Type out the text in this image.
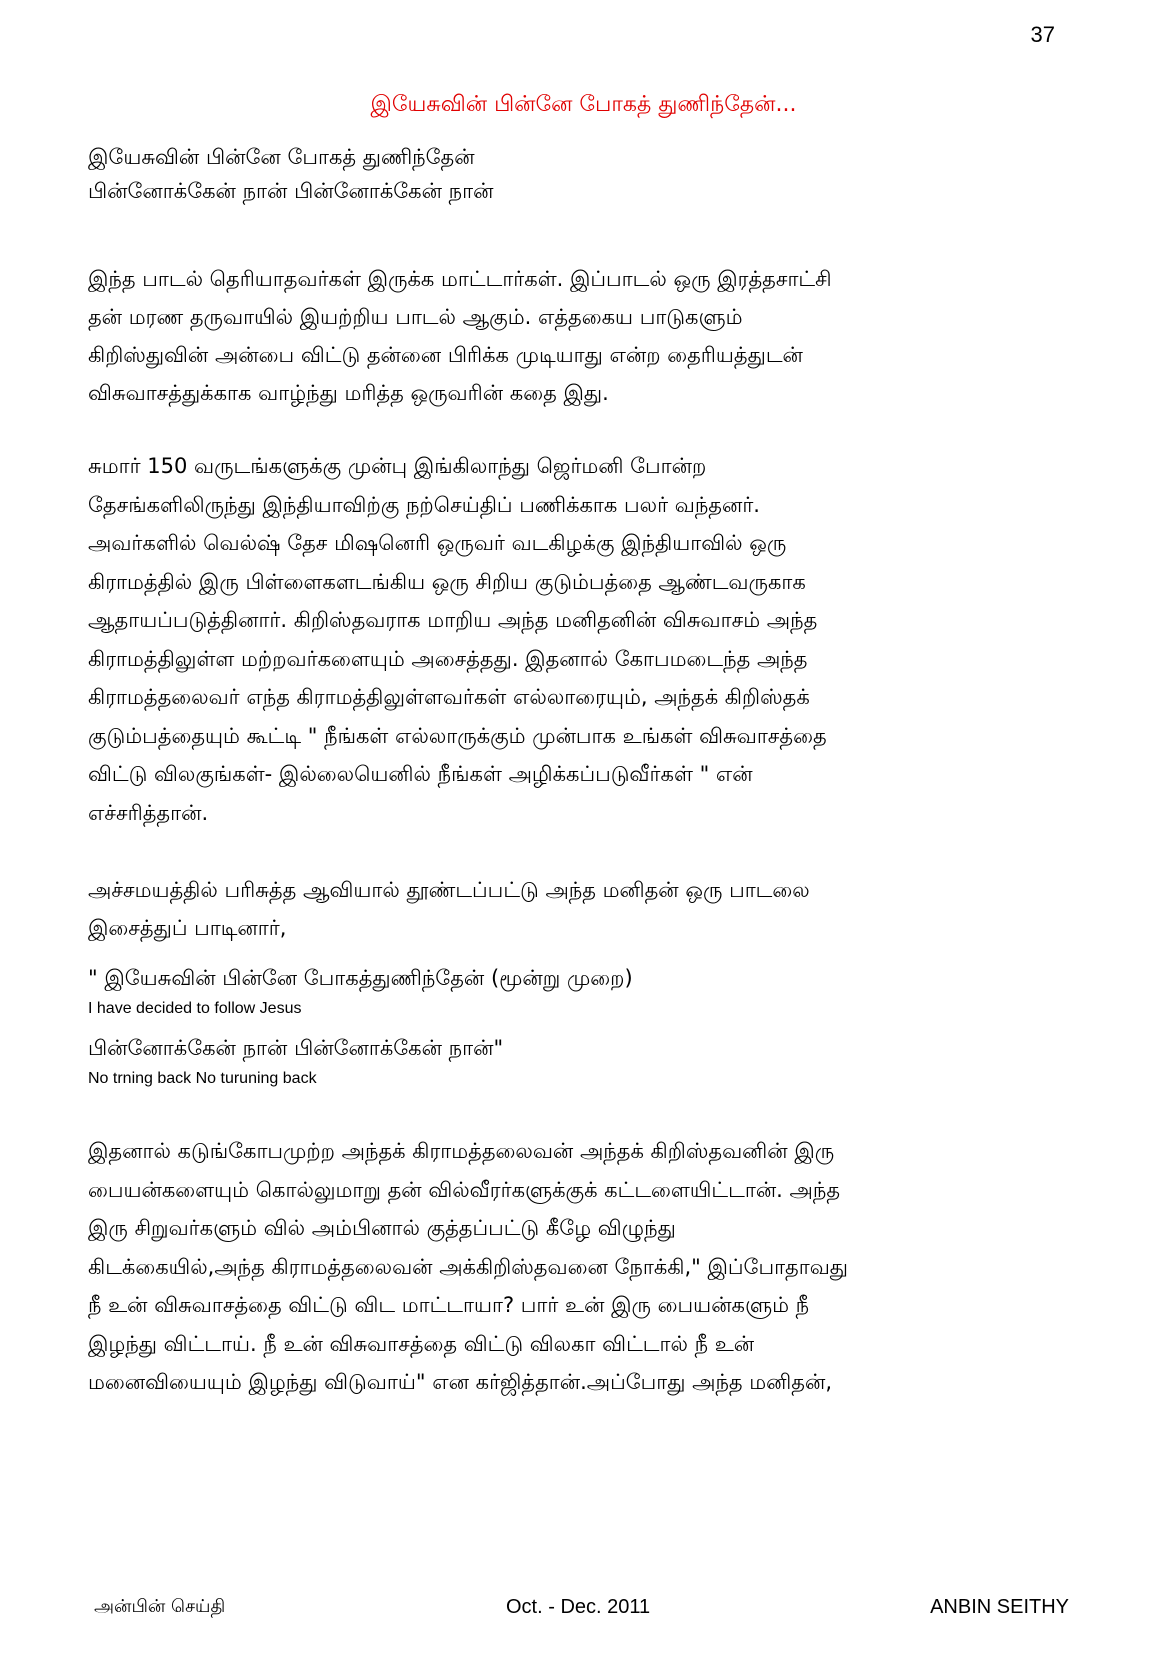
37
இயேசுவின் பின்னே போகத் துணிந்தேன்...
இயேசுவின் பின்னே போகத் துணிந்தேன்
பின்னோக்கேன் நான் பின்னோக்கேன் நான்
இந்த பாடல் தெரியாதவர்கள் இருக்க மாட்டார்கள். இப்பாடல் ஒரு இரத்தசாட்சி
தன் மரண தருவாயில் இயற்றிய பாடல் ஆகும். எத்தகைய பாடுகளும்
கிறிஸ்துவின் அன்பை விட்டு தன்னை பிரிக்க முடியாது என்ற தைரியத்துடன்
விசுவாசத்துக்காக வாழ்ந்து மரித்த ஒருவரின் கதை இது.
சுமார் 150 வருடங்களுக்கு முன்பு இங்கிலாந்து ஜெர்மனி போன்ற
தேசங்களிலிருந்து இந்தியாவிற்கு நற்செய்திப் பணிக்காக பலர் வந்தனர்.
அவர்களில் வெல்ஷ் தேச மிஷனெரி ஒருவர் வடகிழக்கு இந்தியாவில் ஒரு
கிராமத்தில் இரு பிள்ளைகளடங்கிய ஒரு சிறிய குடும்பத்தை ஆண்டவருகாக
ஆதாயப்படுத்தினார். கிறிஸ்தவராக மாறிய அந்த மனிதனின் விசுவாசம் அந்த
கிராமத்திலுள்ள மற்றவர்களையும் அசைத்தது. இதனால் கோபமடைந்த அந்த
கிராமத்தலைவர் எந்த கிராமத்திலுள்ளவர்கள் எல்லாரையும், அந்தக் கிறிஸ்தக்
குடும்பத்தையும் கூட்டி " நீங்கள் எல்லாருக்கும் முன்பாக உங்கள் விசுவாசத்தை
விட்டு விலகுங்கள்- இல்லையெனில் நீங்கள் அழிக்கப்படுவீர்கள் " என்
எச்சரித்தான்.
அச்சமயத்தில் பரிசுத்த ஆவியால் தூண்டப்பட்டு அந்த மனிதன் ஒரு பாடலை
இசைத்துப் பாடினார்,
" இயேசுவின் பின்னே போகத்துணிந்தேன் (மூன்று முறை)
I have decided to follow Jesus
பின்னோக்கேன் நான் பின்னோக்கேன் நான்"
No trning back No turuning back
இதனால் கடுங்கோபமுற்ற அந்தக் கிராமத்தலைவன் அந்தக் கிறிஸ்தவனின் இரு
பையன்களையும் கொல்லுமாறு தன் வில்வீரர்களுக்குக் கட்டளையிட்டான். அந்த
இரு சிறுவர்களும் வில் அம்பினால் குத்தப்பட்டு கீழே விழுந்து
கிடக்கையில்,அந்த கிராமத்தலைவன் அக்கிறிஸ்தவனை நோக்கி," இப்போதாவது
நீ உன் விசுவாசத்தை விட்டு விட மாட்டாயா? பார் உன் இரு பையன்களும் நீ
இழந்து விட்டாய். நீ உன் விசுவாசத்தை விட்டு விலகா விட்டால் நீ உன்
மனைவியையும் இழந்து விடுவாய்" என கர்ஜித்தான்.அப்போது அந்த மனிதன்,
அன்பின் செய்தி	Oct. - Dec. 2011	ANBIN SEITHY
